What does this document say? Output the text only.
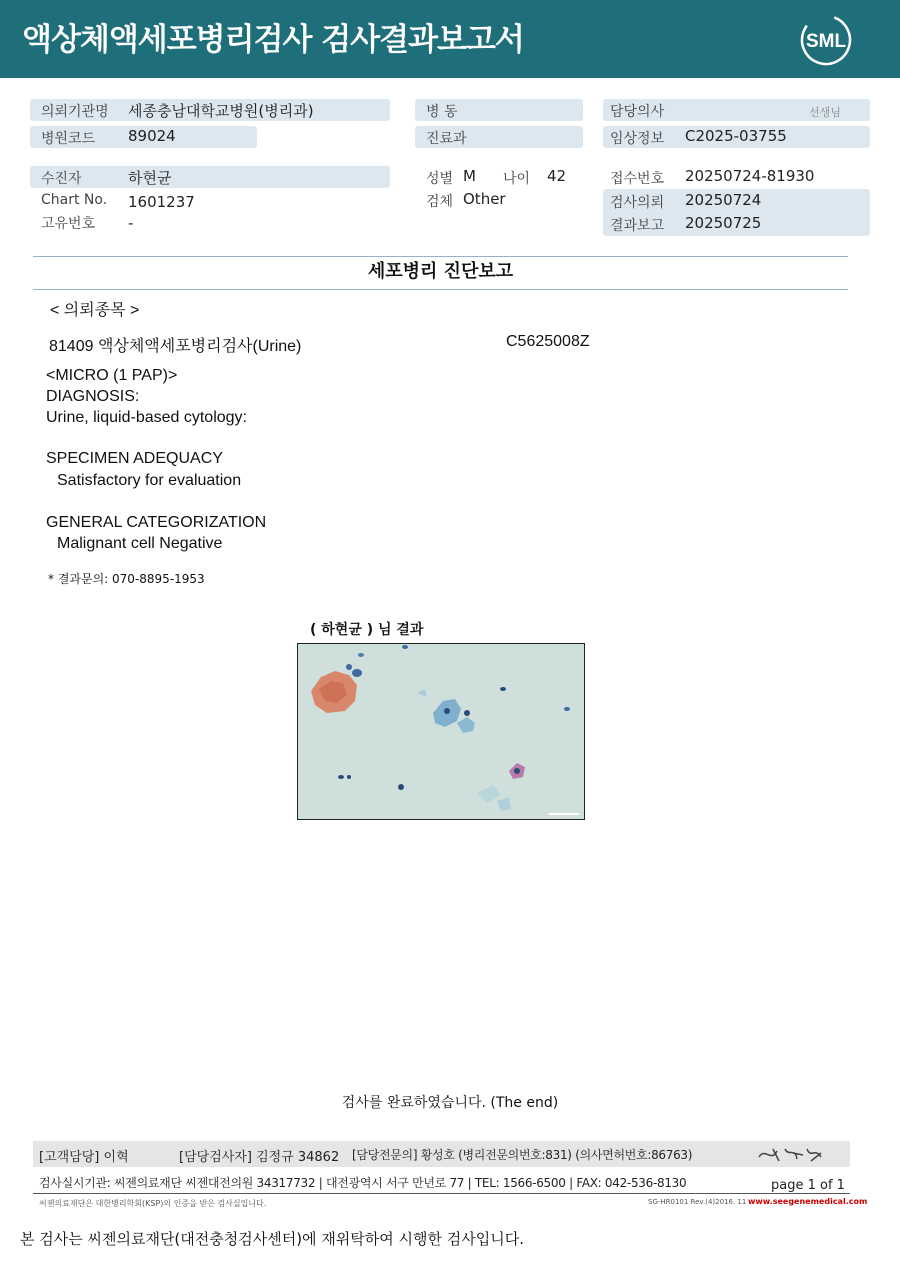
액상체액세포병리검사 검사결과보고서	SML
의뢰기관명 세종충남대학교병원(병리과)
병원코드 89024
수진자	하현균
Chart No. 1601237
고유번호 -
병 동
진료과
성별 M 나이 42
검체 Other
담당의사	선생님
임상정보 C2025-03755
접수번호 20250724-81930
검사의뢰 20250724
결과보고 20250725
세포병리 진단보고
< 의뢰종목 >
81409 액상체액세포병리검사(Urine)	C5625008Z
<MICRO (1 PAP)>
DIAGNOSIS:
Urine, liquid-based cytology:
SPECIMEN ADEQUACY
Satisfactory for evaluation
GENERAL CATEGORIZATION
Malignant cell Negative
* 결과문의: 070-8895-1953
( 하현균 ) 님 결과
검사를 완료하였습니다. (The end)
[고객담당] 이혁	[담당검사자] 김정규 34862 [담당전문의] 황성호 (병리전문의번호:831) (의사면허번호:86763)
검사실시기관: 씨젠의료재단 씨젠대전의원 34317732 | 대전광역시 서구 만년로 77 | TEL: 1566-6500 | FAX: 042-536-8130	page 1 of 1
씨젠의료재단은 대한병리학회(KSP)의 인증을 받은 검사실입니다.	SG-HR0101 Rev.(4)2016. 11 www.seegenemedical.com
본 검사는 씨젠의료재단(대전충청검사센터)에 재위탁하여 시행한 검사입니다.
